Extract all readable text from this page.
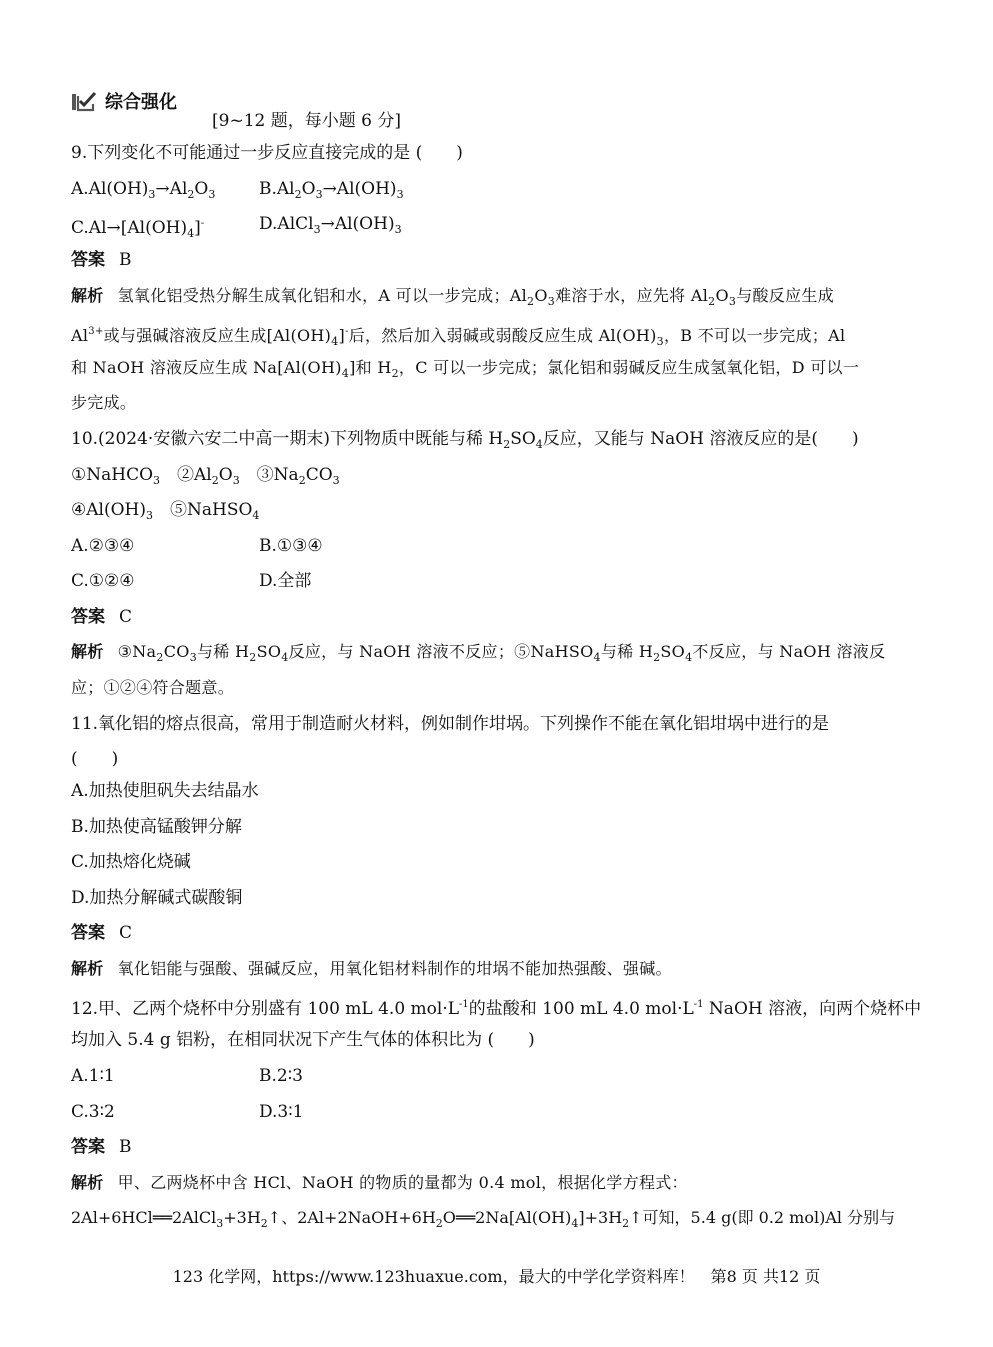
综合强化
[9~12 题，每小题 6 分]
9.下列变化不可能通过一步反应直接完成的是 (　　)
$A.Al(OH)_3\to Al_2O_3$	$B.Al_2O_3\to Al(OH)_3$
$C.Al\to[Al(OH)_4]^-$	$D.AlCl_3\to Al(OH)_3$
答案 B
解析 氢氧化铝受热分解生成氧化铝和水，A 可以一步完成；$Al_2O_3$难溶于水，应先将 $Al_2O_3$与酸反应生成
$Al^{3+}$或与强碱溶液反应生成$[Al(OH)_4]^-$后，然后加入弱碱或弱酸反应生成 $Al(OH)_3$，B 不可以一步完成；Al
和 NaOH 溶液反应生成 $Na[Al(OH)_4]$和 $H_2$，C 可以一步完成；氯化铝和弱碱反应生成氢氧化铝，D 可以一
步完成。
10.(2024·安徽六安二中高一期末)下列物质中既能与稀 $H_2SO_4$反应，又能与 NaOH 溶液反应的是(　　)
①NaHCO$_3$　$②Al_2O_3$　$③Na_2CO_3$
$④Al(OH)_3$　⑤NaHSO$_4$
A.②③④	B.①③④
C.①②④	D.全部
答案 C
解析 $③Na_2CO_3$与稀 $H_2SO_4$反应，与 NaOH 溶液不反应；⑤NaHSO$_4$与稀 $H_2SO_4$不反应，与 NaOH 溶液反
应；①②④符合题意。
11.氧化铝的熔点很高，常用于制造耐火材料，例如制作坩埚。下列操作不能在氧化铝坩埚中进行的是
(　　)
A.加热使胆矾失去结晶水
B.加热使高锰酸钾分解
C.加热熔化烧碱
D.加热分解碱式碳酸铜
答案 C
解析 氧化铝能与强酸、强碱反应，用氧化铝材料制作的坩埚不能加热强酸、强碱。
12.甲、乙两个烧杯中分别盛有 100 mL 4.0 $mol\cdot L^{-1}$的盐酸和 100 mL 4.0 $mol\cdot L^{-1}$ NaOH 溶液，向两个烧杯中
均加入 5.4 g 铝粉，在相同状况下产生气体的体积比为 (　　)
A.1∶1	B.2∶3
C.3∶2	D.3∶1
答案 B
解析 甲、乙两烧杯中含 HCl、NaOH 的物质的量都为 0.4 mol，根据化学方程式：
$2Al+6HCl══2AlCl_3+3H_2↑$、$2Al+2NaOH+6H_2O══2Na[Al(OH)_4]+3H_2↑$可知，5.4 g(即 0.2 mol)Al 分别与
123 化学网，https://www.123huaxue.com，最大的中学化学资料库！　第8 页 共12 页
